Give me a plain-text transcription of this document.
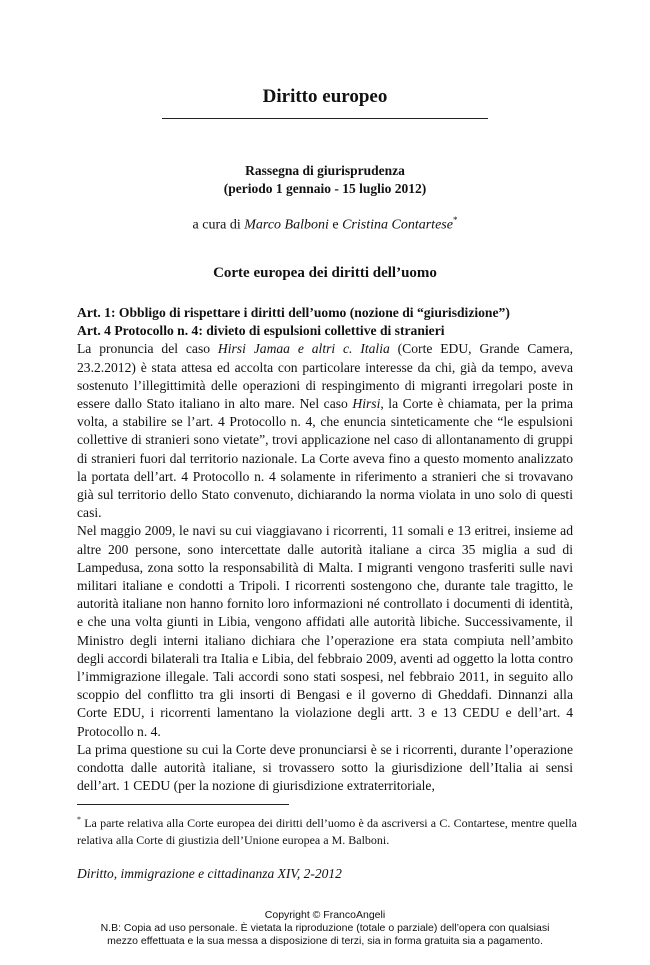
Diritto europeo
Rassegna di giurisprudenza
(periodo 1 gennaio - 15 luglio 2012)
a cura di Marco Balboni e Cristina Contartese*
Corte europea dei diritti dell’uomo
Art. 1: Obbligo di rispettare i diritti dell’uomo (nozione di “giurisdizione”)
Art. 4 Protocollo n. 4: divieto di espulsioni collettive di stranieri

La pronuncia del caso Hirsi Jamaa e altri c. Italia (Corte EDU, Grande Camera, 23.2.2012) è stata attesa ed accolta con particolare interesse da chi, già da tempo, aveva sostenuto l’illegittimità delle operazioni di respingimento di migranti irregolari poste in essere dallo Stato italiano in alto mare. Nel caso Hirsi, la Corte è chiamata, per la prima volta, a stabilire se l’art. 4 Protocollo n. 4, che enuncia sinteticamente che “le espulsioni collettive di stranieri sono vietate”, trovi applicazione nel caso di allontanamento di gruppi di stranieri fuori dal territorio nazionale. La Corte aveva fino a questo momento analizzato la portata dell’art. 4 Protocollo n. 4 solamente in riferimento a stranieri che si trovavano già sul territorio dello Stato convenuto, dichiarando la norma violata in uno solo di questi casi.

Nel maggio 2009, le navi su cui viaggiavano i ricorrenti, 11 somali e 13 eritrei, insieme ad altre 200 persone, sono intercettate dalle autorità italiane a circa 35 miglia a sud di Lampedusa, zona sotto la responsabilità di Malta. I migranti vengono trasferiti sulle navi militari italiane e condotti a Tripoli. I ricorrenti sostengono che, durante tale tragitto, le autorità italiane non hanno fornito loro informazioni né controllato i documenti di identità, e che una volta giunti in Libia, vengono affidati alle autorità libiche. Successivamente, il Ministro degli interni italiano dichiara che l’operazione era stata compiuta nell’ambito degli accordi bilaterali tra Italia e Libia, del febbraio 2009, aventi ad oggetto la lotta contro l’immigrazione illegale. Tali accordi sono stati sospesi, nel febbraio 2011, in seguito allo scoppio del conflitto tra gli insorti di Bengasi e il governo di Gheddafi. Dinnanzi alla Corte EDU, i ricorrenti lamentano la violazione degli artt. 3 e 13 CEDU e dell’art. 4 Protocollo n. 4.

La prima questione su cui la Corte deve pronunciarsi è se i ricorrenti, durante l’operazione condotta dalle autorità italiane, si trovassero sotto la giurisdizione dell’Italia ai sensi dell’art. 1 CEDU (per la nozione di giurisdizione extraterritoriale,

* La parte relativa alla Corte europea dei diritti dell’uomo è da ascriversi a C. Contartese, mentre quella relativa alla Corte di giustizia dell’Unione europea a M. Balboni.
Diritto, immigrazione e cittadinanza XIV, 2-2012
Copyright © FrancoAngeli
N.B: Copia ad uso personale. È vietata la riproduzione (totale o parziale) dell’opera con qualsiasi
mezzo effettuata e la sua messa a disposizione di terzi, sia in forma gratuita sia a pagamento.
